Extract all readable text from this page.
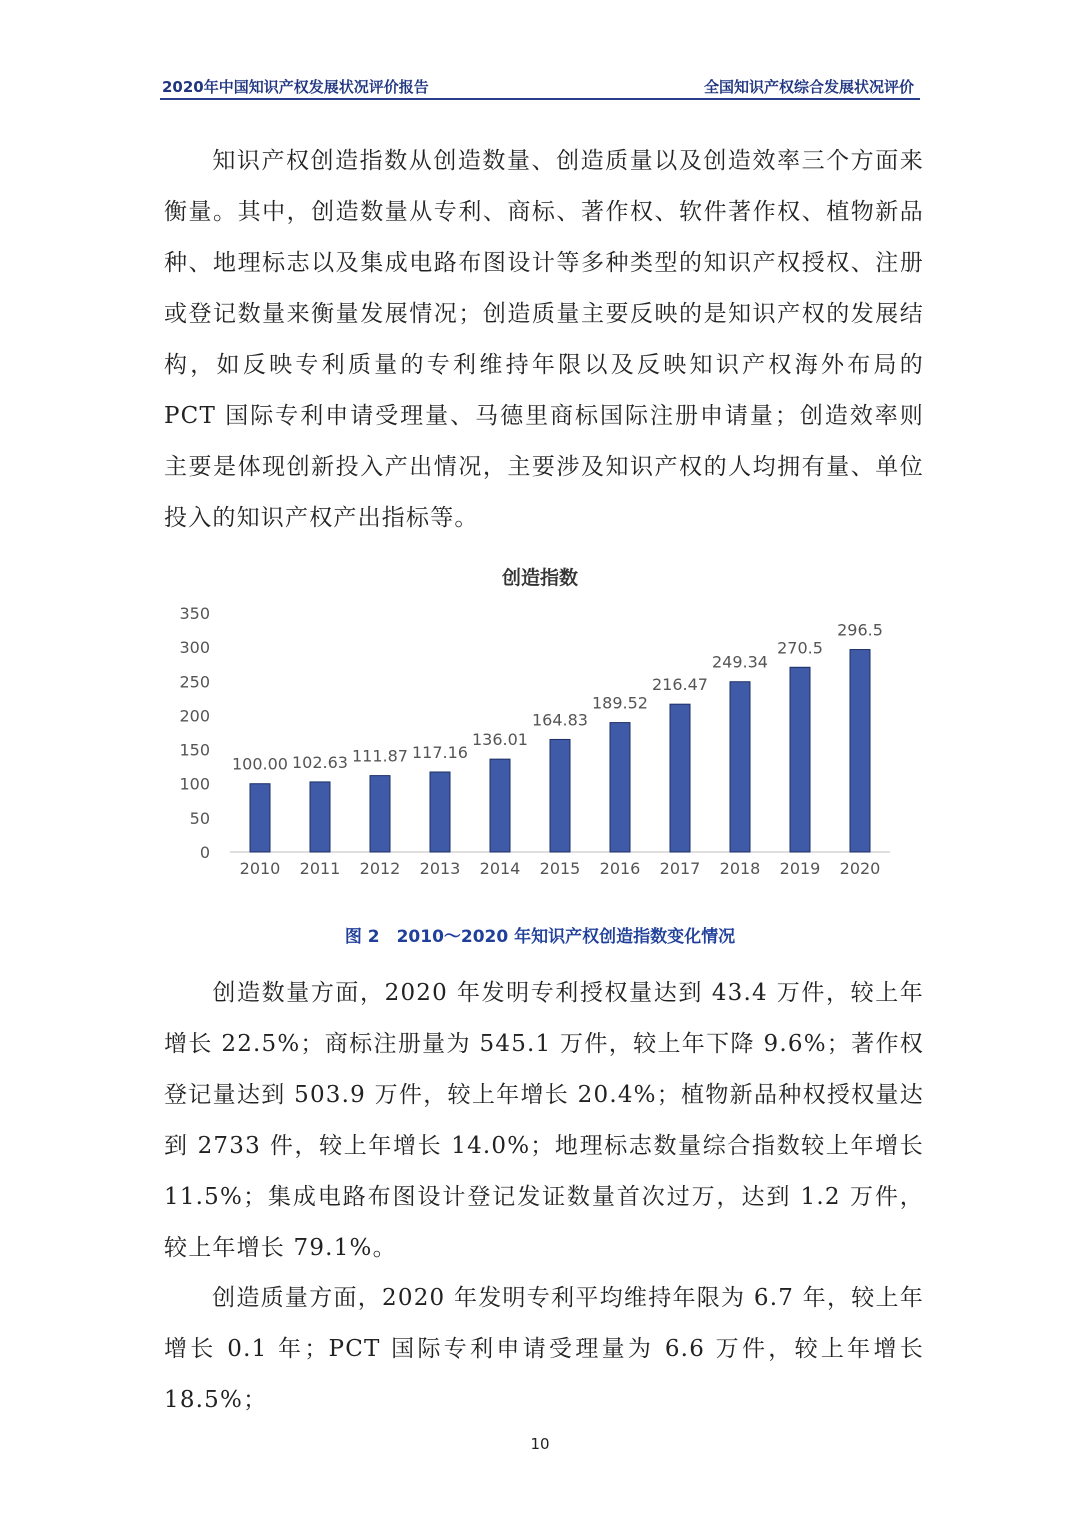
2020年中国知识产权发展状况评价报告	全国知识产权综合发展状况评价

知识产权创造指数从创造数量、创造质量以及创造效率三个方面来衡量。其中，创造数量从专利、商标、著作权、软件著作权、植物新品种、地理标志以及集成电路布图设计等多种类型的知识产权授权、注册或登记数量来衡量发展情况；创造质量主要反映的是知识产权的发展结构，如反映专利质量的专利维持年限以及反映知识产权海外布局的 PCT 国际专利申请受理量、马德里商标国际注册申请量；创造效率则主要是体现创新投入产出情况，主要涉及知识产权的人均拥有量、单位投入的知识产权产出指标等。

创造指数
0
50
100
150
200
250
300
350
100.00
2010
102.63
2011
111.87
2012
117.16
2013
136.01
2014
164.83
2015
189.52
2016
216.47
2017
249.34
2018
270.5
2019
296.5
2020
图 2　2010～2020 年知识产权创造指数变化情况

创造数量方面，2020 年发明专利授权量达到 43.4 万件，较上年增长 22.5%；商标注册量为 545.1 万件，较上年下降 9.6%；著作权登记量达到 503.9 万件，较上年增长 20.4%；植物新品种权授权量达到 2733 件，较上年增长 14.0%；地理标志数量综合指数较上年增长 11.5%；集成电路布图设计登记发证数量首次过万，达到 1.2 万件，较上年增长 79.1%。

创造质量方面，2020 年发明专利平均维持年限为 6.7 年，较上年增长 0.1 年；PCT 国际专利申请受理量为 6.6 万件，较上年增长 18.5%；

10
